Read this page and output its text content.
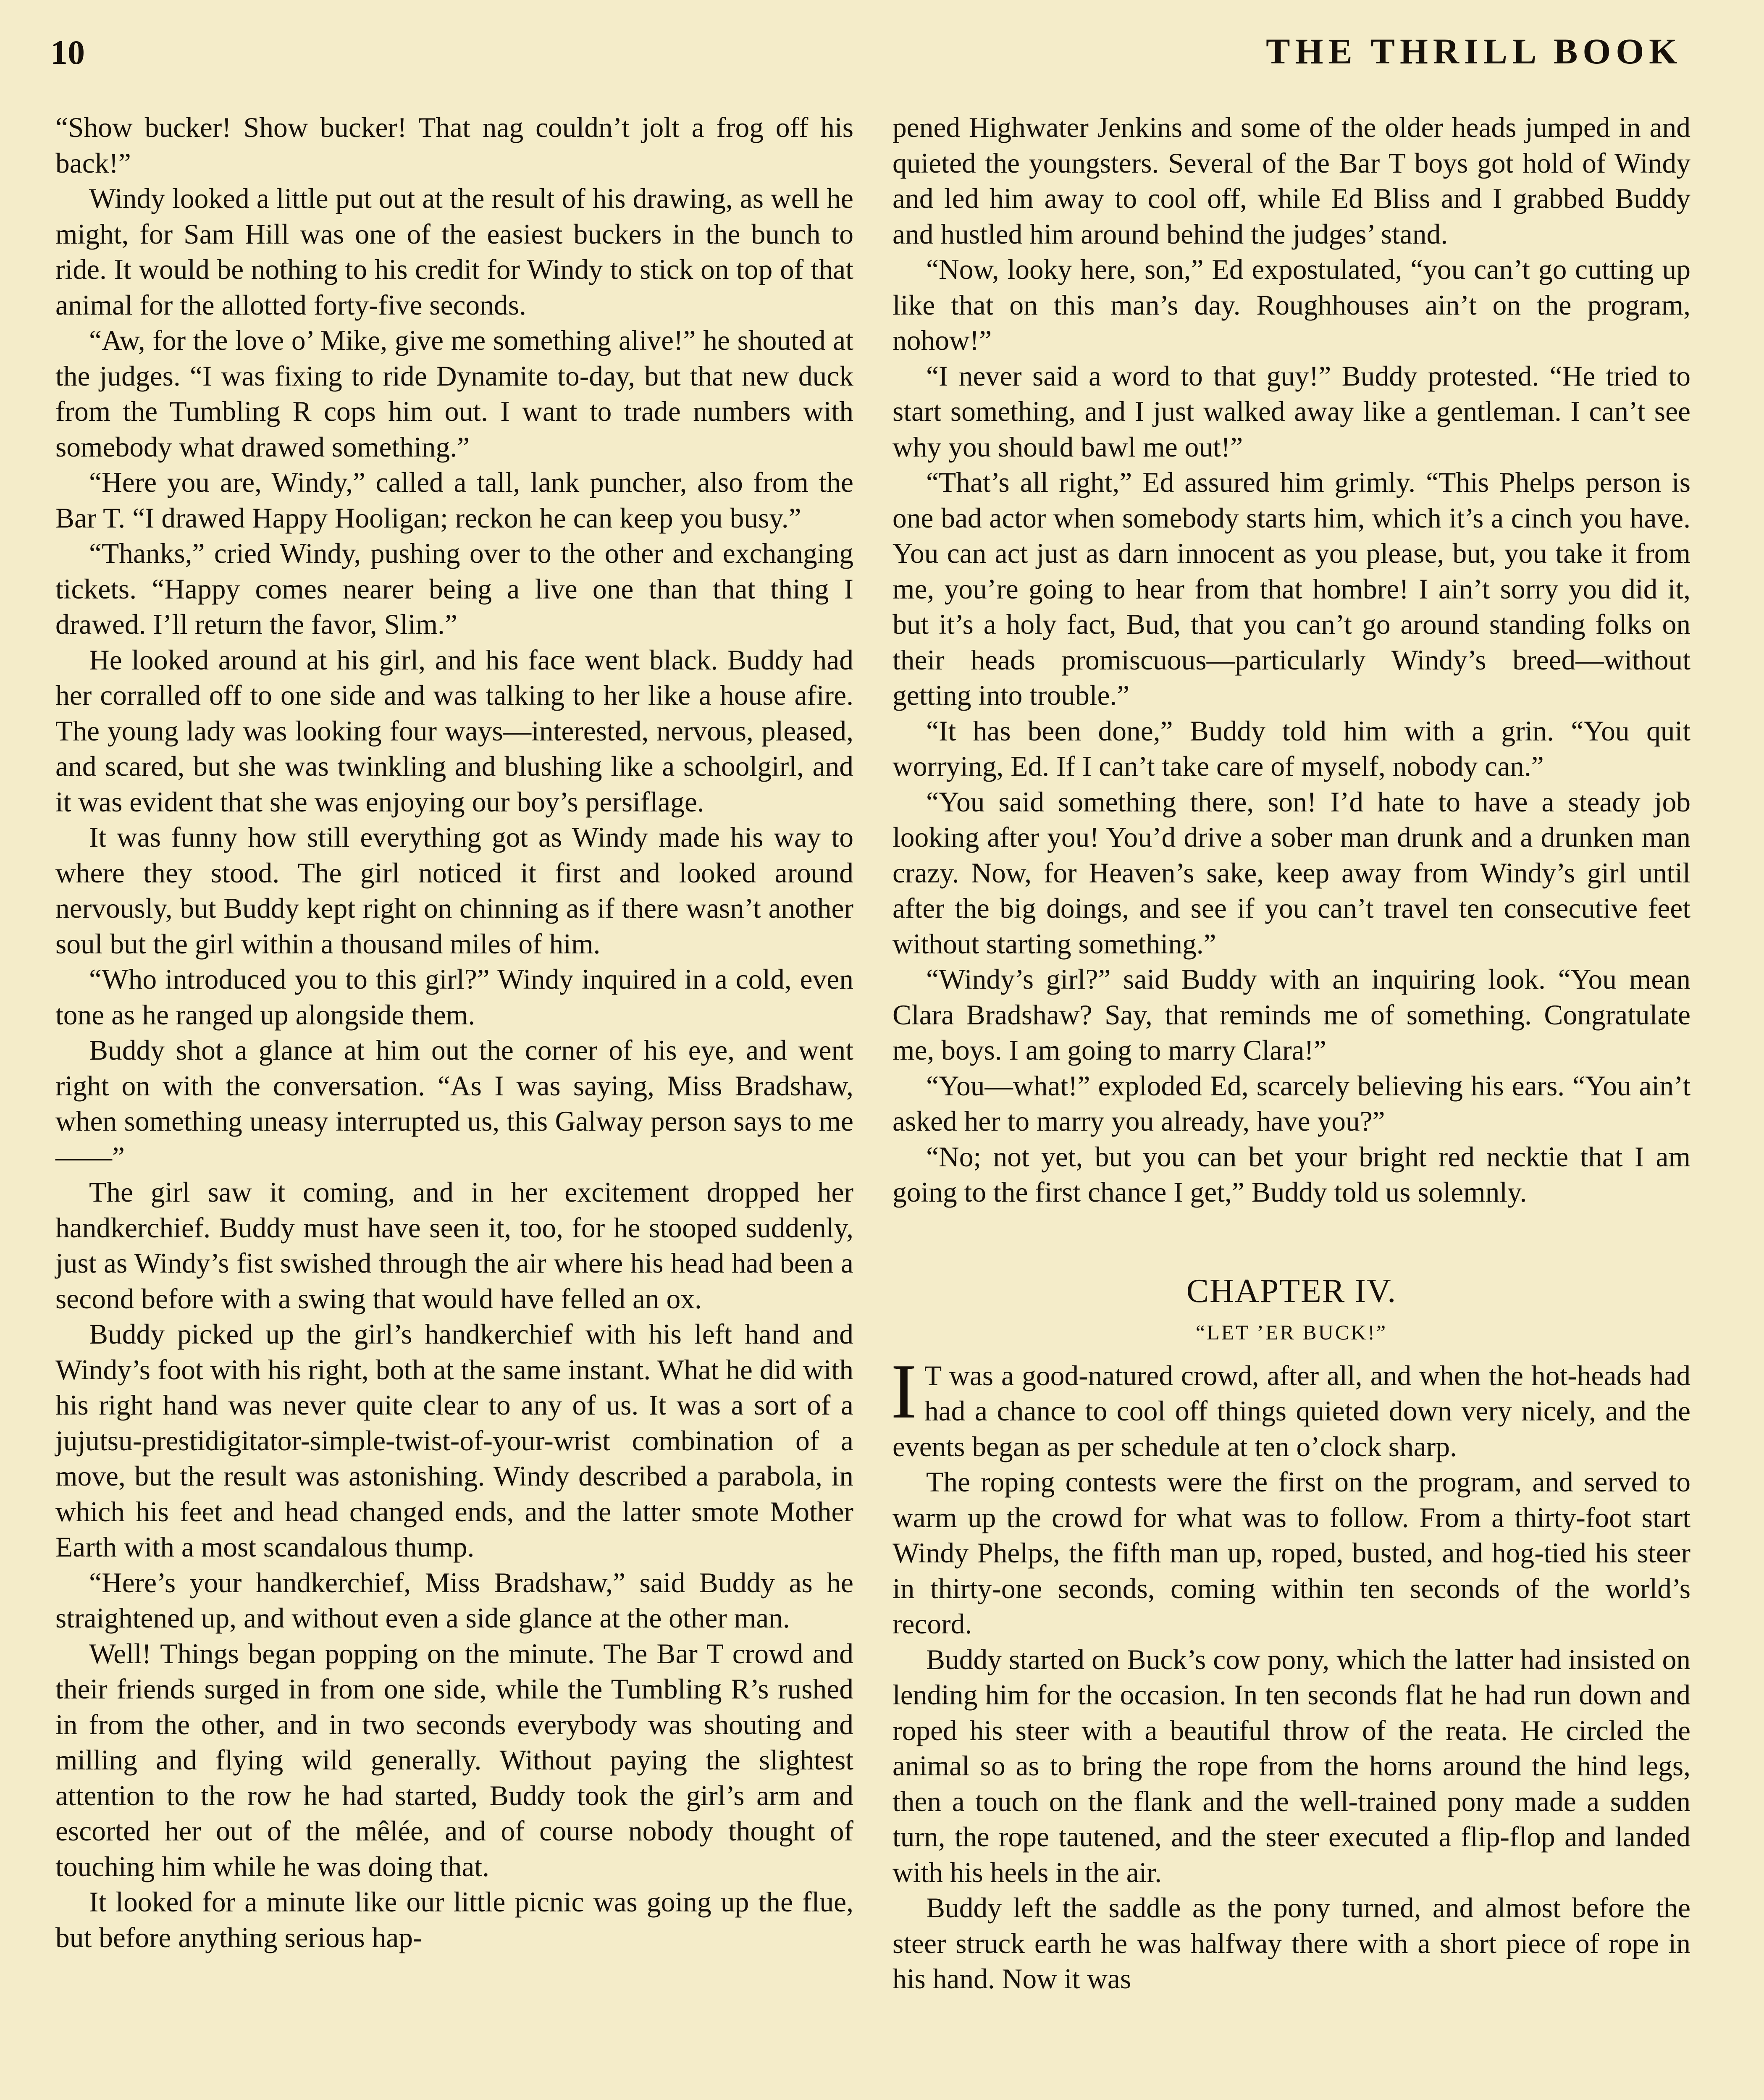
10	THE THRILL BOOK

“Show bucker! Show bucker! That nag couldn’t jolt a frog off his back!”

Windy looked a little put out at the result of his drawing, as well he might, for Sam Hill was one of the easiest buckers in the bunch to ride. It would be nothing to his credit for Windy to stick on top of that animal for the allotted forty-five seconds.

“Aw, for the love o’ Mike, give me something alive!” he shouted at the judges. “I was fixing to ride Dynamite to-day, but that new duck from the Tumbling R cops him out. I want to trade numbers with somebody what drawed something.”

“Here you are, Windy,” called a tall, lank puncher, also from the Bar T. “I drawed Happy Hooligan; reckon he can keep you busy.”

“Thanks,” cried Windy, pushing over to the other and exchanging tickets. “Happy comes nearer being a live one than that thing I drawed. I’ll return the favor, Slim.”

He looked around at his girl, and his face went black. Buddy had her corralled off to one side and was talking to her like a house afire. The young lady was looking four ways—interested, nervous, pleased, and scared, but she was twinkling and blushing like a schoolgirl, and it was evident that she was enjoying our boy’s persiflage.

It was funny how still everything got as Windy made his way to where they stood. The girl noticed it first and looked around nervously, but Buddy kept right on chinning as if there wasn’t another soul but the girl within a thousand miles of him.

“Who introduced you to this girl?” Windy inquired in a cold, even tone as he ranged up alongside them.

Buddy shot a glance at him out the corner of his eye, and went right on with the conversation. “As I was saying, Miss Bradshaw, when something uneasy interrupted us, this Galway person says to me——”

The girl saw it coming, and in her excitement dropped her handkerchief. Buddy must have seen it, too, for he stooped suddenly, just as Windy’s fist swished through the air where his head had been a second before with a swing that would have felled an ox.

Buddy picked up the girl’s handkerchief with his left hand and Windy’s foot with his right, both at the same instant. What he did with his right hand was never quite clear to any of us. It was a sort of a jujutsu-prestidigitator-simple-twist-of-your-wrist combination of a move, but the result was astonishing. Windy described a parabola, in which his feet and head changed ends, and the latter smote Mother Earth with a most scandalous thump.

“Here’s your handkerchief, Miss Bradshaw,” said Buddy as he straightened up, and without even a side glance at the other man.

Well! Things began popping on the minute. The Bar T crowd and their friends surged in from one side, while the Tumbling R’s rushed in from the other, and in two seconds everybody was shouting and milling and flying wild generally. Without paying the slightest attention to the row he had started, Buddy took the girl’s arm and escorted her out of the mêlée, and of course nobody thought of touching him while he was doing that.

It looked for a minute like our little picnic was going up the flue, but before anything serious hap-

pened Highwater Jenkins and some of the older heads jumped in and quieted the youngsters. Several of the Bar T boys got hold of Windy and led him away to cool off, while Ed Bliss and I grabbed Buddy and hustled him around behind the judges’ stand.

“Now, looky here, son,” Ed expostulated, “you can’t go cutting up like that on this man’s day. Roughhouses ain’t on the program, nohow!”

“I never said a word to that guy!” Buddy protested. “He tried to start something, and I just walked away like a gentleman. I can’t see why you should bawl me out!”

“That’s all right,” Ed assured him grimly. “This Phelps person is one bad actor when somebody starts him, which it’s a cinch you have. You can act just as darn innocent as you please, but, you take it from me, you’re going to hear from that hombre! I ain’t sorry you did it, but it’s a holy fact, Bud, that you can’t go around standing folks on their heads promiscuous—particularly Windy’s breed—without getting into trouble.”

“It has been done,” Buddy told him with a grin. “You quit worrying, Ed. If I can’t take care of myself, nobody can.”

“You said something there, son! I’d hate to have a steady job looking after you! You’d drive a sober man drunk and a drunken man crazy. Now, for Heaven’s sake, keep away from Windy’s girl until after the big doings, and see if you can’t travel ten consecutive feet without starting something.”

“Windy’s girl?” said Buddy with an inquiring look. “You mean Clara Bradshaw? Say, that reminds me of something. Congratulate me, boys. I am going to marry Clara!”

“You—what!” exploded Ed, scarcely believing his ears. “You ain’t asked her to marry you already, have you?”

“No; not yet, but you can bet your bright red necktie that I am going to the first chance I get,” Buddy told us solemnly.

CHAPTER IV.
“LET ’ER BUCK!”

I T was a good-natured crowd, after all, and when the hot-heads had had a chance to cool off things quieted down very nicely, and the events began as per schedule at ten o’clock sharp.

The roping contests were the first on the program, and served to warm up the crowd for what was to follow. From a thirty-foot start Windy Phelps, the fifth man up, roped, busted, and hog-tied his steer in thirty-one seconds, coming within ten seconds of the world’s record.

Buddy started on Buck’s cow pony, which the latter had insisted on lending him for the occasion. In ten seconds flat he had run down and roped his steer with a beautiful throw of the reata. He circled the animal so as to bring the rope from the horns around the hind legs, then a touch on the flank and the well-trained pony made a sudden turn, the rope tautened, and the steer executed a flip-flop and landed with his heels in the air.

Buddy left the saddle as the pony turned, and almost before the steer struck earth he was halfway there with a short piece of rope in his hand. Now it was
